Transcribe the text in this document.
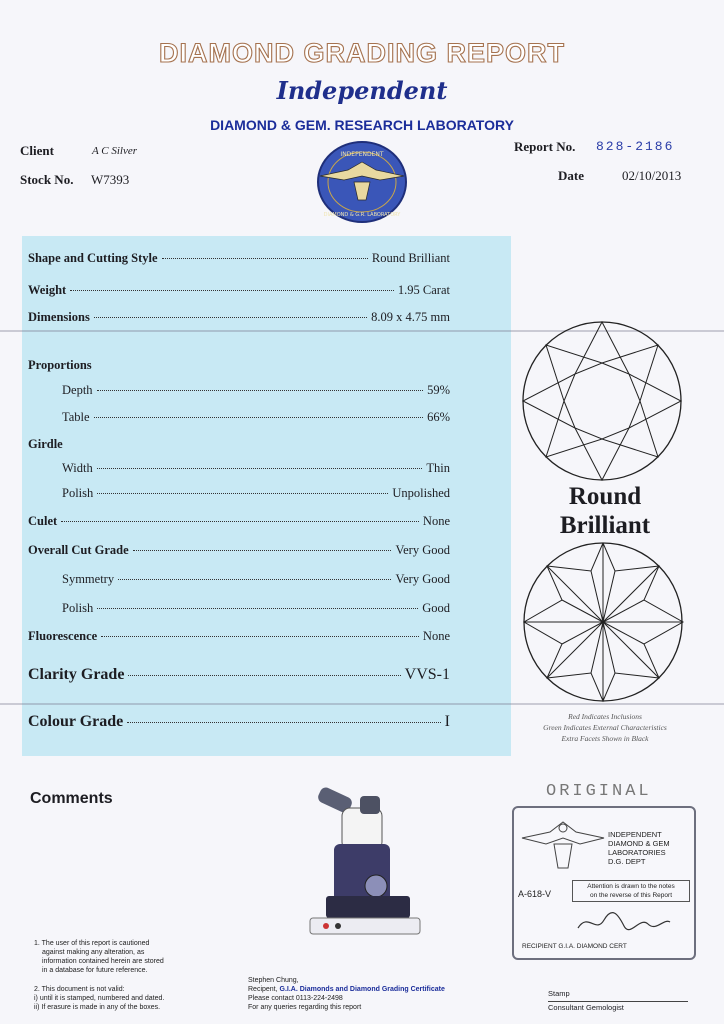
DIAMOND GRADING REPORT
Independent
DIAMOND & GEM. RESEARCH LABORATORY
Client	A C Silver
Stock No. W7393
Report No. 828-2186
Date	02/10/2013
INDEPENDENT
DIAMOND & G.R. LABORATORY
Shape and Cutting Style	Round Brilliant
Weight	1.95 Carat
Dimensions	8.09 x 4.75 mm
Proportions
Depth	59%
Table	66%
Girdle
Width	Thin
Polish	Unpolished
Culet	None
Overall Cut Grade	Very Good
Symmetry	Very Good
Polish	Good
Fluorescence	None
Clarity Grade	VVS-1
Colour Grade	I
Round
Brilliant
Red Indicates Inclusions
Green Indicates External Characteristics
Extra Facets Shown in Black
Comments
1. The user of this report is cautioned
against making any alteration, as
information contained herein are stored
in a database for future reference.
2. This document is not valid:
i) until it is stamped, numbered and dated.
ii) If erasure is made in any of the boxes.
Stephen Chung,
Recipent, G.I.A. Diamonds and Diamond Grading Certificate
Please contact 0113-224-2498
For any queries regarding this report
ORIGINAL
INDEPENDENT
DIAMOND & GEM
LABORATORIES
D.G. DEPT
A-618-V
Attention is drawn to the notes
on the reverse of this Report
RECIPIENT G.I.A. DIAMOND CERT
Stamp
Consultant Gemologist
